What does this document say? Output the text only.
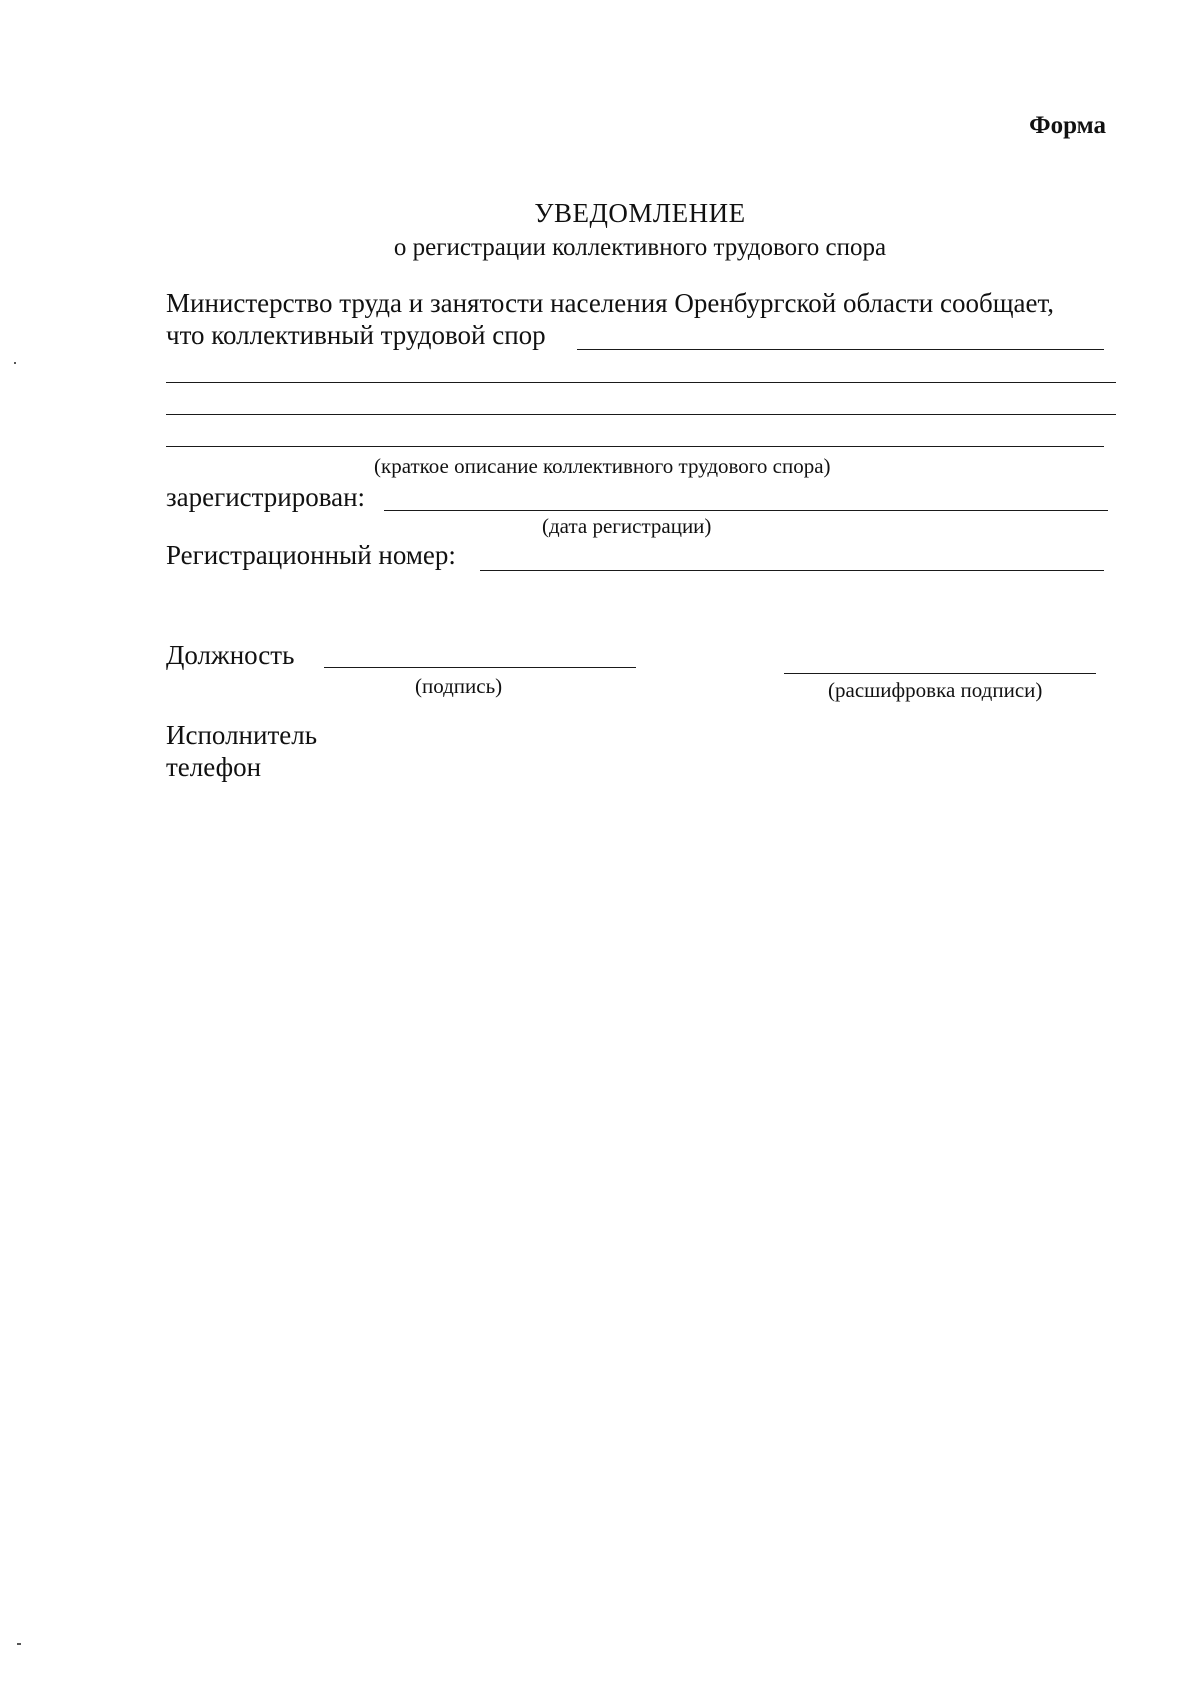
Форма
УВЕДОМЛЕНИЕ
о регистрации коллективного трудового спора
Министерство труда и занятости населения Оренбургской области сообщает,
что коллективный трудовой спор
(краткое описание коллективного трудового спора)
зарегистрирован:
(дата регистрации)
Регистрационный номер:
Должность
(подпись)	(расшифровка подписи)
Исполнитель
телефон
